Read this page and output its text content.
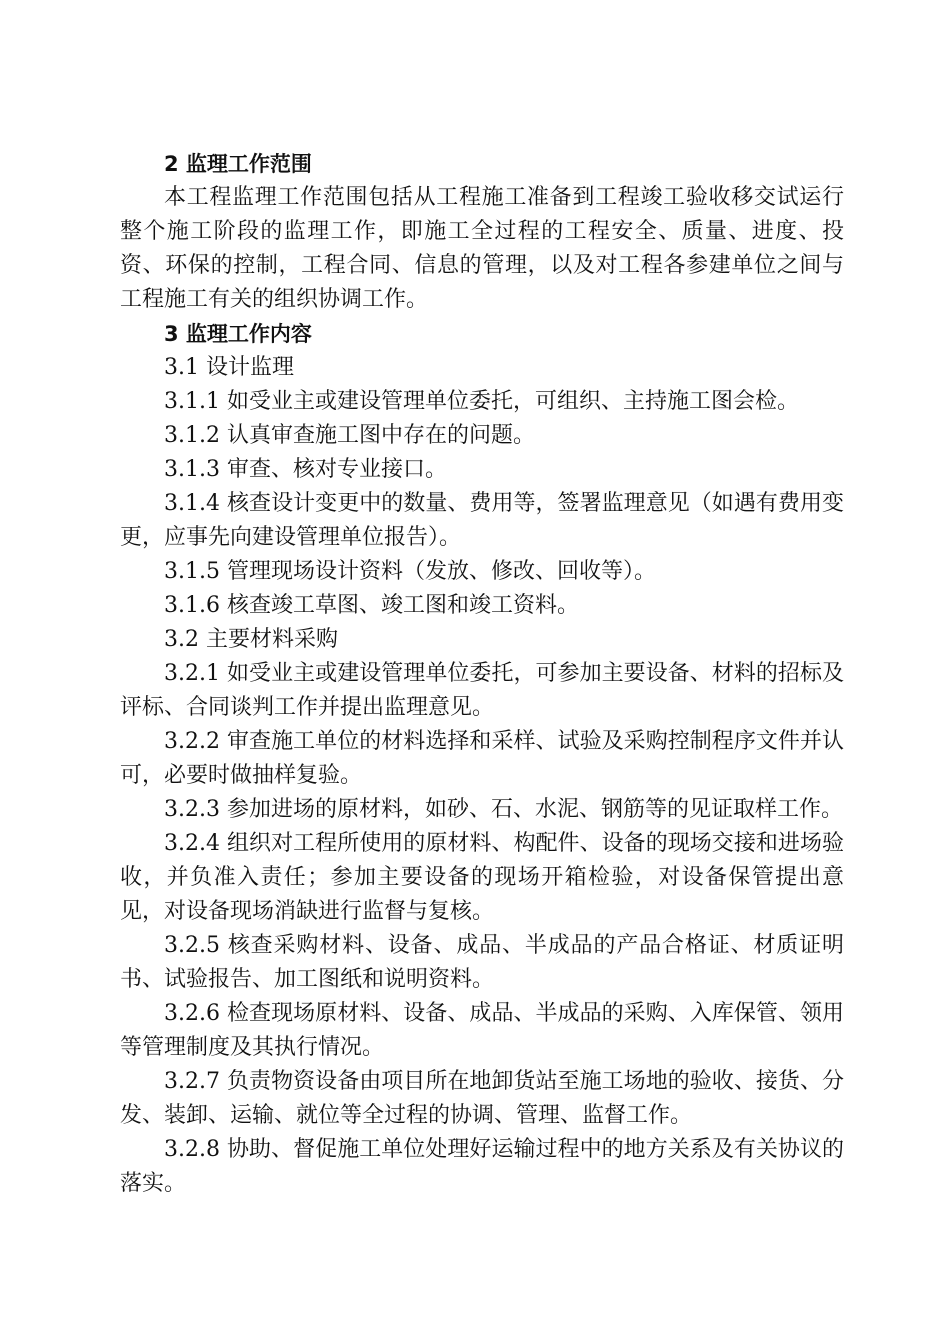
2 监理工作范围

本工程监理工作范围包括从工程施工准备到工程竣工验收移交试运行整个施工阶段的监理工作，即施工全过程的工程安全、质量、进度、投资、环保的控制，工程合同、信息的管理，以及对工程各参建单位之间与工程施工有关的组织协调工作。

3 监理工作内容

3.1 设计监理

3.1.1 如受业主或建设管理单位委托，可组织、主持施工图会检。

3.1.2 认真审查施工图中存在的问题。

3.1.3 审查、核对专业接口。

3.1.4 核查设计变更中的数量、费用等，签署监理意见（如遇有费用变更，应事先向建设管理单位报告）。

3.1.5 管理现场设计资料（发放、修改、回收等）。

3.1.6 核查竣工草图、竣工图和竣工资料。

3.2 主要材料采购

3.2.1 如受业主或建设管理单位委托，可参加主要设备、材料的招标及评标、合同谈判工作并提出监理意见。

3.2.2 审查施工单位的材料选择和采样、试验及采购控制程序文件并认可，必要时做抽样复验。

3.2.3 参加进场的原材料，如砂、石、水泥、钢筋等的见证取样工作。

3.2.4 组织对工程所使用的原材料、构配件、设备的现场交接和进场验收，并负准入责任；参加主要设备的现场开箱检验，对设备保管提出意见，对设备现场消缺进行监督与复核。

3.2.5 核查采购材料、设备、成品、半成品的产品合格证、材质证明书、试验报告、加工图纸和说明资料。

3.2.6 检查现场原材料、设备、成品、半成品的采购、入库保管、领用等管理制度及其执行情况。

3.2.7 负责物资设备由项目所在地卸货站至施工场地的验收、接货、分发、装卸、运输、就位等全过程的协调、管理、监督工作。

3.2.8 协助、督促施工单位处理好运输过程中的地方关系及有关协议的落实。
